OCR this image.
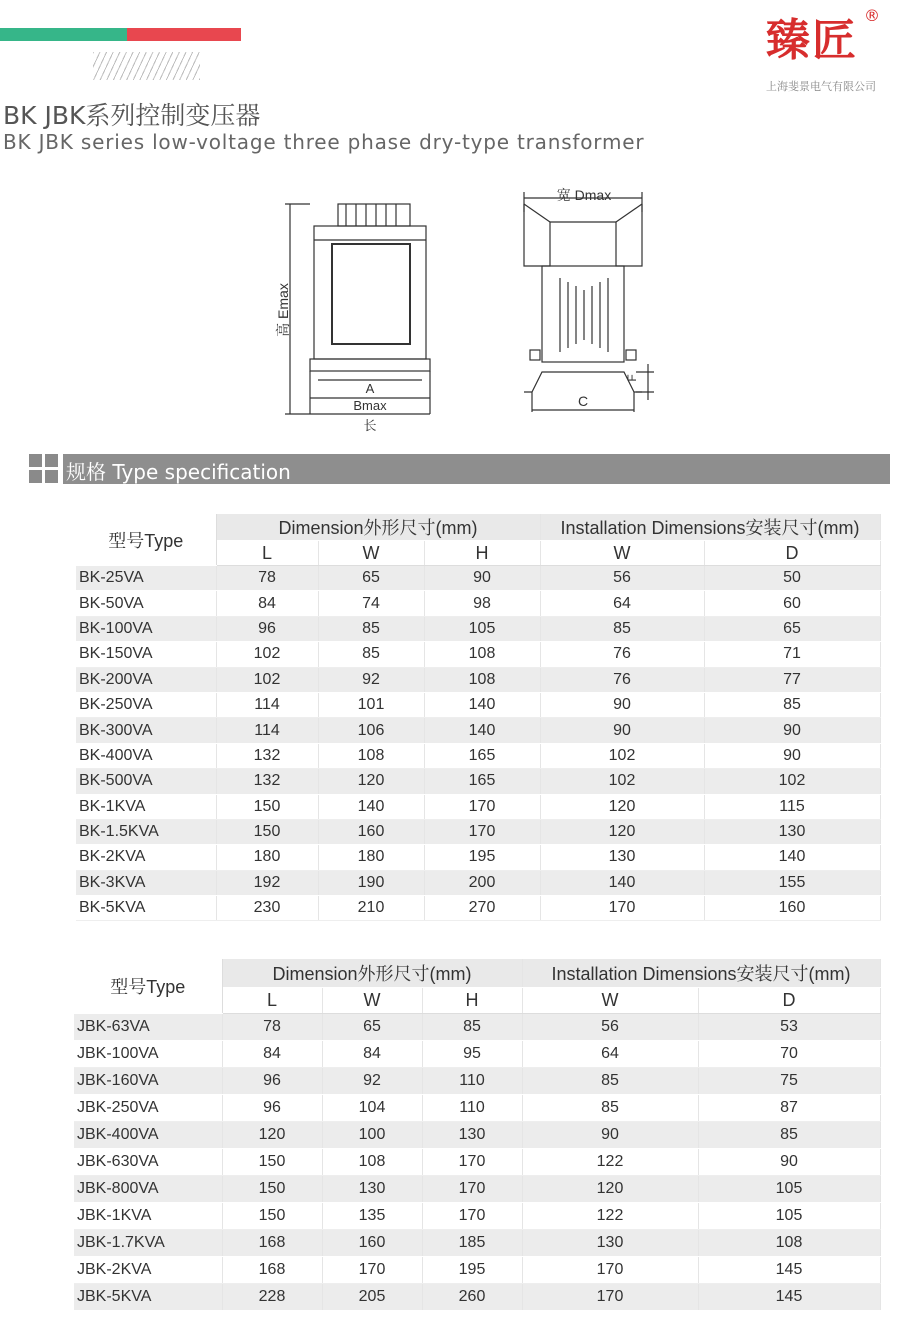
臻匠 ®
上海斐景电气有限公司
BK JBK系列控制变压器
BK JBK series low-voltage three phase dry-type transformer
高 Emax
A
Bmax
长
宽 Dmax
C
F
规格 Type specification
型号Type	Dimension外形尺寸(mm)			Installation Dimensions安装尺寸(mm)	
	L	W	H	W	D
BK-25VA	78	65	90	56	50
BK-50VA	84	74	98	64	60
BK-100VA	96	85	105	85	65
BK-150VA	102	85	108	76	71
BK-200VA	102	92	108	76	77
BK-250VA	114	101	140	90	85
BK-300VA	114	106	140	90	90
BK-400VA	132	108	165	102	90
BK-500VA	132	120	165	102	102
BK-1KVA	150	140	170	120	115
BK-1.5KVA	150	160	170	120	130
BK-2KVA	180	180	195	130	140
BK-3KVA	192	190	200	140	155
BK-5KVA	230	210	270	170	160
型号Type	Dimension外形尺寸(mm)			Installation Dimensions安装尺寸(mm)	
	L	W	H	W	D
JBK-63VA	78	65	85	56	53
JBK-100VA	84	84	95	64	70
JBK-160VA	96	92	110	85	75
JBK-250VA	96	104	110	85	87
JBK-400VA	120	100	130	90	85
JBK-630VA	150	108	170	122	90
JBK-800VA	150	130	170	120	105
JBK-1KVA	150	135	170	122	105
JBK-1.7KVA	168	160	185	130	108
JBK-2KVA	168	170	195	170	145
JBK-5KVA	228	205	260	170	145
